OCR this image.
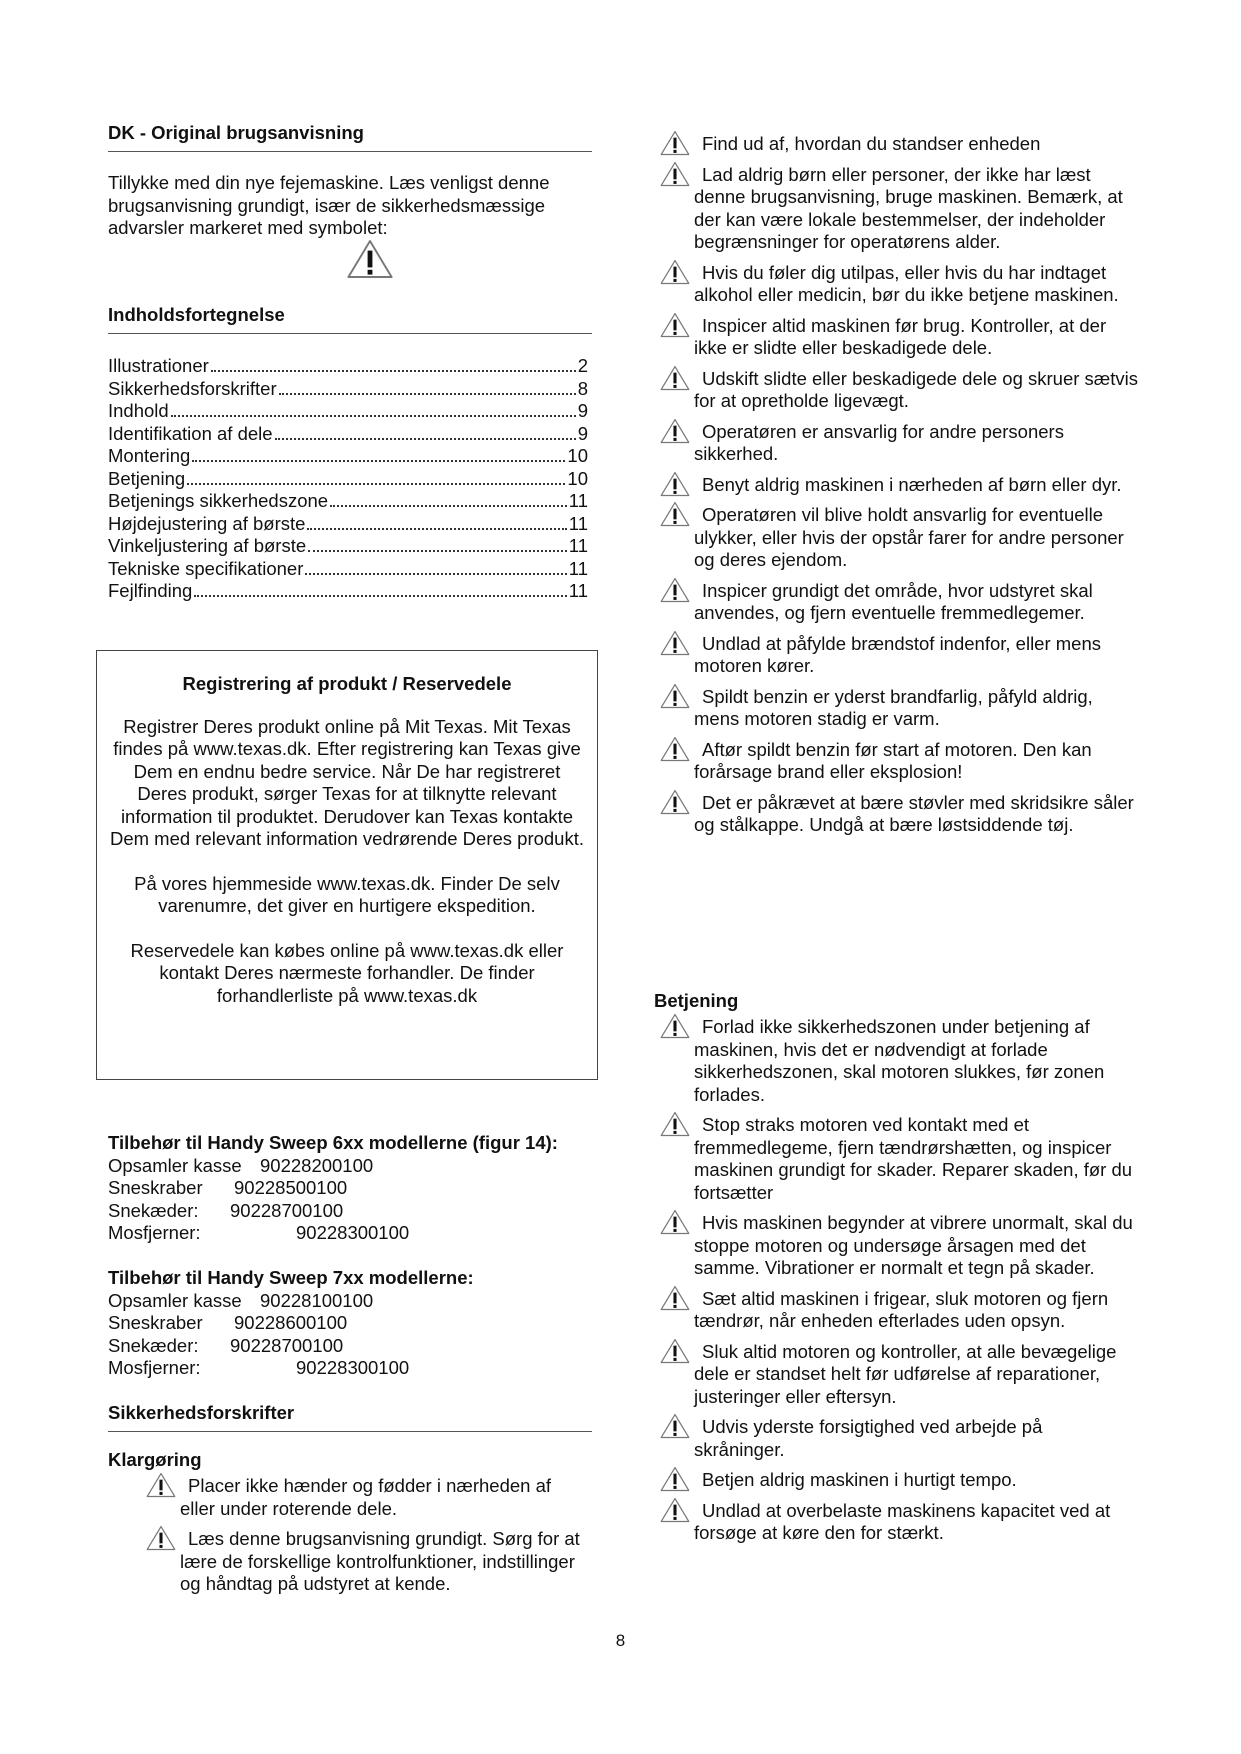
DK - Original brugsanvisning
Tillykke med din nye fejemaskine. Læs venligst denne brugsanvisning grundigt, især de sikkerhedsmæssige advarsler markeret med symbolet:
Indholdsfortegnelse
Illustrationer	2
Sikkerhedsforskrifter	8
Indhold	9
Identifikation af dele	9
Montering	10
Betjening	10
Betjenings sikkerhedszone	11
Højdejustering af børste	11
Vinkeljustering af børste	11
Tekniske specifikationer	11
Fejlfinding	11
Registrering af produkt / Reservedele

Registrer Deres produkt online på Mit Texas. Mit Texas findes på www.texas.dk. Efter registrering kan Texas give Dem en endnu bedre service. Når De har registreret Deres produkt, sørger Texas for at tilknytte relevant information til produktet. Derudover kan Texas kontakte Dem med relevant information vedrørende Deres produkt.

På vores hjemmeside www.texas.dk. Finder De selv varenumre, det giver en hurtigere ekspedition.

Reservedele kan købes online på www.texas.dk eller kontakt Deres nærmeste forhandler. De finder forhandlerliste på www.texas.dk

Tilbehør til Handy Sweep 6xx modellerne (figur 14):
Opsamler kasse 90228200100
Sneskraber	90228500100
Snekæder:	90228700100
Mosfjerner:	90228300100
Tilbehør til Handy Sweep 7xx modellerne:
Opsamler kasse 90228100100
Sneskraber	90228600100
Snekæder:	90228700100
Mosfjerner:	90228300100
Sikkerhedsforskrifter
Klargøring
Placer ikke hænder og fødder i nærheden af eller under roterende dele.
Læs denne brugsanvisning grundigt. Sørg for at lære de forskellige kontrolfunktioner, indstillinger og håndtag på udstyret at kende.
Find ud af, hvordan du standser enheden
Lad aldrig børn eller personer, der ikke har læst denne brugsanvisning, bruge maskinen. Bemærk, at der kan være lokale bestemmelser, der indeholder begrænsninger for operatørens alder.
Hvis du føler dig utilpas, eller hvis du har indtaget alkohol eller medicin, bør du ikke betjene maskinen.
Inspicer altid maskinen før brug. Kontroller, at der ikke er slidte eller beskadigede dele.
Udskift slidte eller beskadigede dele og skruer sætvis for at opretholde ligevægt.
Operatøren er ansvarlig for andre personers sikkerhed.
Benyt aldrig maskinen i nærheden af børn eller dyr.
Operatøren vil blive holdt ansvarlig for eventuelle ulykker, eller hvis der opstår farer for andre personer og deres ejendom.
Inspicer grundigt det område, hvor udstyret skal anvendes, og fjern eventuelle fremmedlegemer.
Undlad at påfylde brændstof indenfor, eller mens motoren kører.
Spildt benzin er yderst brandfarlig, påfyld aldrig, mens motoren stadig er varm.
Aftør spildt benzin før start af motoren. Den kan forårsage brand eller eksplosion!
Det er påkrævet at bære støvler med skridsikre såler og stålkappe. Undgå at bære løstsiddende tøj.
Betjening
Forlad ikke sikkerhedszonen under betjening af maskinen, hvis det er nødvendigt at forlade sikkerhedszonen, skal motoren slukkes, før zonen forlades.
Stop straks motoren ved kontakt med et fremmedlegeme, fjern tændrørshætten, og inspicer maskinen grundigt for skader. Reparer skaden, før du fortsætter
Hvis maskinen begynder at vibrere unormalt, skal du stoppe motoren og undersøge årsagen med det samme. Vibrationer er normalt et tegn på skader.
Sæt altid maskinen i frigear, sluk motoren og fjern tændrør, når enheden efterlades uden opsyn.
Sluk altid motoren og kontroller, at alle bevægelige dele er standset helt før udførelse af reparationer, justeringer eller eftersyn.
Udvis yderste forsigtighed ved arbejde på skråninger.
Betjen aldrig maskinen i hurtigt tempo.
Undlad at overbelaste maskinens kapacitet ved at forsøge at køre den for stærkt.
8
